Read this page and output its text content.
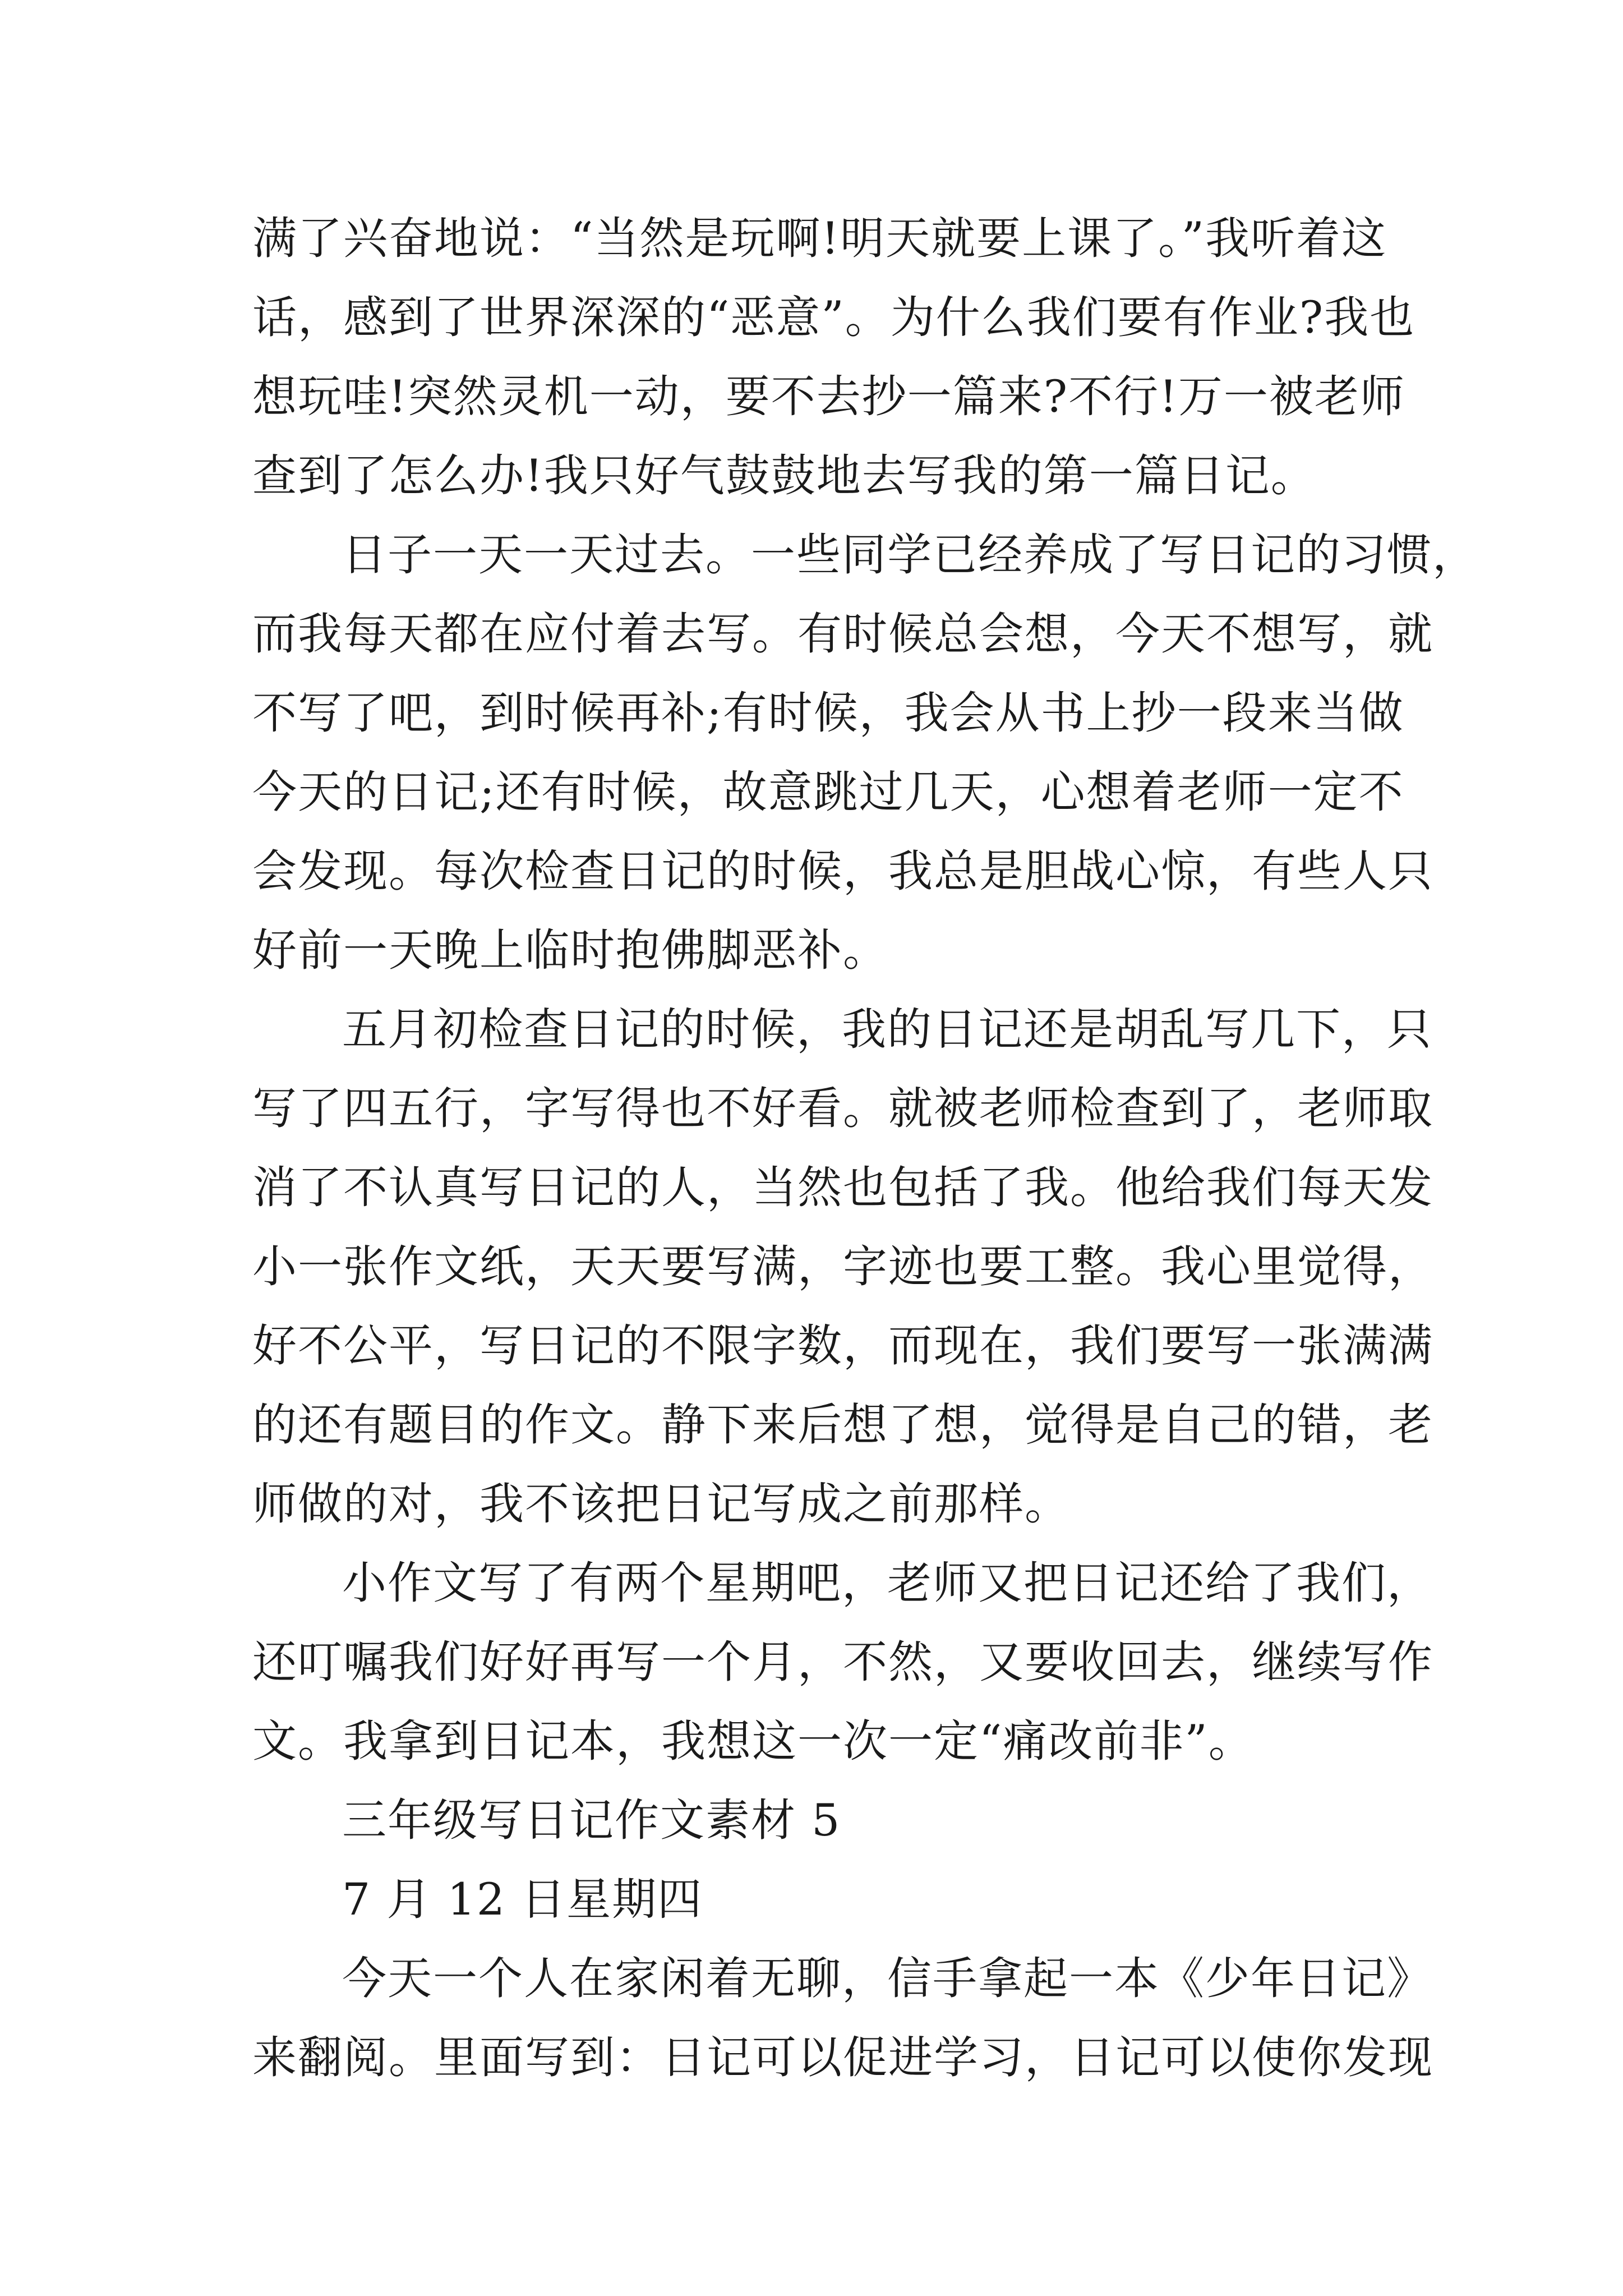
满了兴奋地说：“当然是玩啊!明天就要上课了。”我听着这
话，感到了世界深深的“恶意”。为什么我们要有作业?我也
想玩哇!突然灵机一动，要不去抄一篇来?不行!万一被老师
查到了怎么办!我只好气鼓鼓地去写我的第一篇日记。
日子一天一天过去。一些同学已经养成了写日记的习惯，
而我每天都在应付着去写。有时候总会想，今天不想写，就
不写了吧，到时候再补;有时候，我会从书上抄一段来当做
今天的日记;还有时候，故意跳过几天，心想着老师一定不
会发现。每次检查日记的时候，我总是胆战心惊，有些人只
好前一天晚上临时抱佛脚恶补。
五月初检查日记的时候，我的日记还是胡乱写几下，只
写了四五行，字写得也不好看。就被老师检查到了，老师取
消了不认真写日记的人，当然也包括了我。他给我们每天发
小一张作文纸，天天要写满，字迹也要工整。我心里觉得，
好不公平，写日记的不限字数，而现在，我们要写一张满满
的还有题目的作文。静下来后想了想，觉得是自己的错，老
师做的对，我不该把日记写成之前那样。
小作文写了有两个星期吧，老师又把日记还给了我们，
还叮嘱我们好好再写一个月，不然，又要收回去，继续写作
文。我拿到日记本，我想这一次一定“痛改前非”。
三年级写日记作文素材 5
7 月 12 日星期四
今天一个人在家闲着无聊，信手拿起一本《少年日记》
来翻阅。里面写到：日记可以促进学习，日记可以使你发现
